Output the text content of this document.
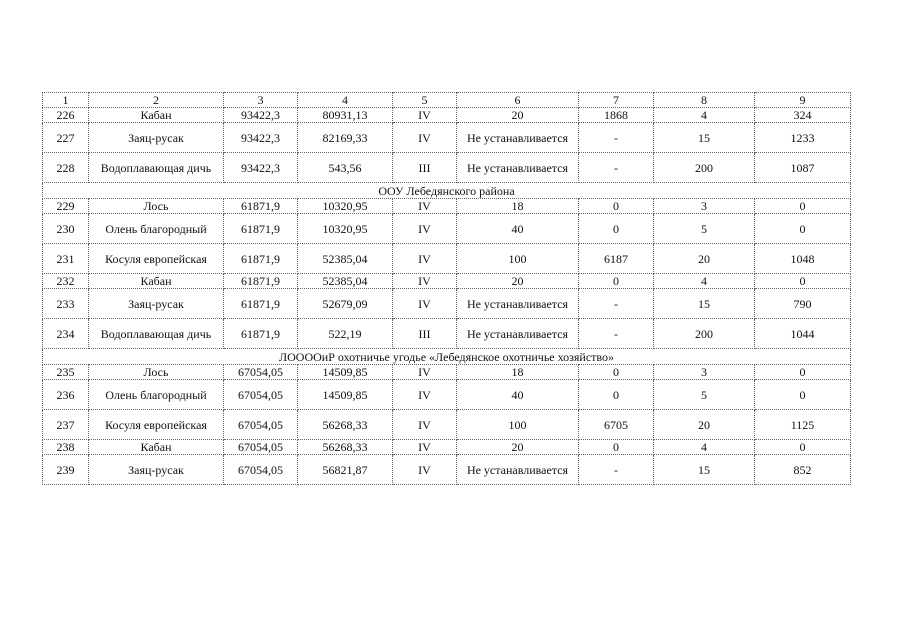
1	2	3	4	5	6	7	8	9
226	Кабан	93422,3	80931,13	IV	20	1868	4	324
227	Заяц-русак	93422,3	82169,33	IV	Не устанавливается	-	15	1233
228	Водоплавающая дичь	93422,3	543,56	III	Не устанавливается	-	200	1087
ООУ Лебедянского района								
229	Лось	61871,9	10320,95	IV	18	0	3	0
230	Олень благородный	61871,9	10320,95	IV	40	0	5	0
231	Косуля европейская	61871,9	52385,04	IV	100	6187	20	1048
232	Кабан	61871,9	52385,04	IV	20	0	4	0
233	Заяц-русак	61871,9	52679,09	IV	Не устанавливается	-	15	790
234	Водоплавающая дичь	61871,9	522,19	III	Не устанавливается	-	200	1044
ЛООООиР охотничье угодье «Лебедянское охотничье хозяйство»								
235	Лось	67054,05	14509,85	IV	18	0	3	0
236	Олень благородный	67054,05	14509,85	IV	40	0	5	0
237	Косуля европейская	67054,05	56268,33	IV	100	6705	20	1125
238	Кабан	67054,05	56268,33	IV	20	0	4	0
239	Заяц-русак	67054,05	56821,87	IV	Не устанавливается	-	15	852
